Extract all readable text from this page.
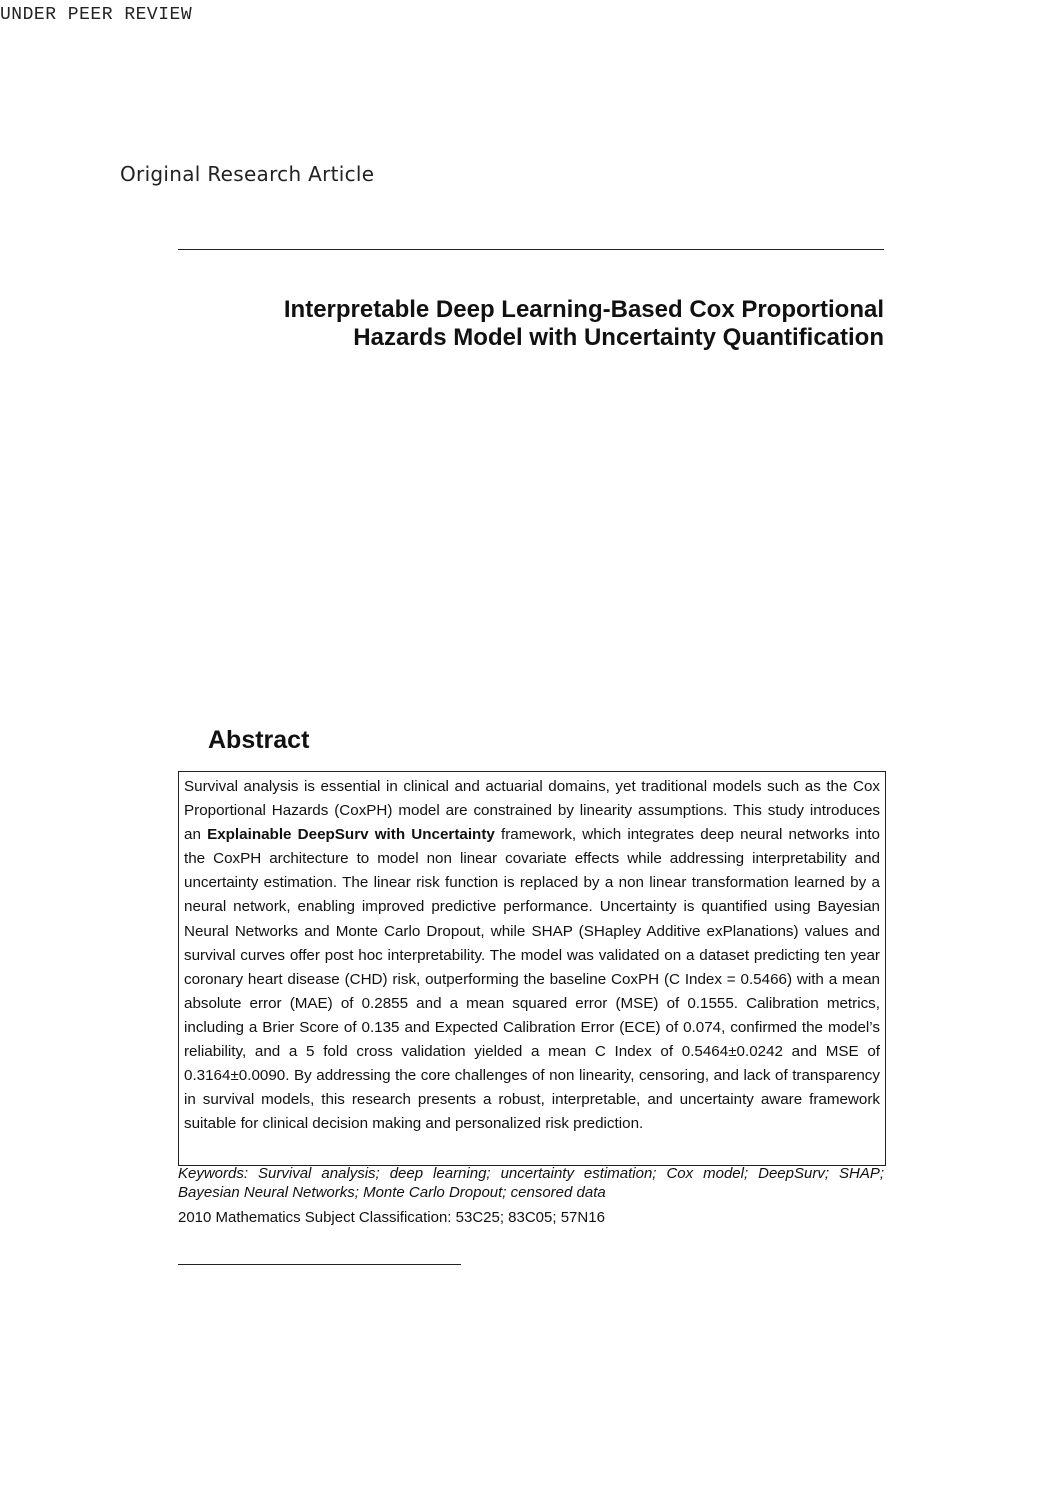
UNDER PEER REVIEW
Original Research Article
Interpretable Deep Learning-Based Cox Proportional
Hazards Model with Uncertainty Quantification
Abstract

Survival analysis is essential in clinical and actuarial domains, yet traditional models such as the Cox Proportional Hazards (CoxPH) model are constrained by linearity assumptions. This study introduces an Explainable DeepSurv with Uncertainty framework, which integrates deep neural networks into the CoxPH architecture to model non linear covariate effects while addressing interpretability and uncertainty estimation. The linear risk function is replaced by a non linear transformation learned by a neural network, enabling improved predictive performance. Uncertainty is quantified using Bayesian Neural Networks and Monte Carlo Dropout, while SHAP (SHapley Additive exPlanations) values and survival curves offer post hoc interpretability. The model was validated on a dataset predicting ten year coronary heart disease (CHD) risk, outperforming the baseline CoxPH (C Index = 0.5466) with a mean absolute error (MAE) of 0.2855 and a mean squared error (MSE) of 0.1555. Calibration metrics, including a Brier Score of 0.135 and Expected Calibration Error (ECE) of 0.074, confirmed the model’s reliability, and a 5 fold cross validation yielded a mean C Index of 0.5464±0.0242 and MSE of 0.3164±0.0090. By addressing the core challenges of non linearity, censoring, and lack of transparency in survival models, this research presents a robust, interpretable, and uncertainty aware framework suitable for clinical decision making and personalized risk prediction.

Keywords: Survival analysis; deep learning; uncertainty estimation; Cox model; DeepSurv; SHAP; Bayesian Neural Networks; Monte Carlo Dropout; censored data
2010 Mathematics Subject Classification: 53C25; 83C05; 57N16
